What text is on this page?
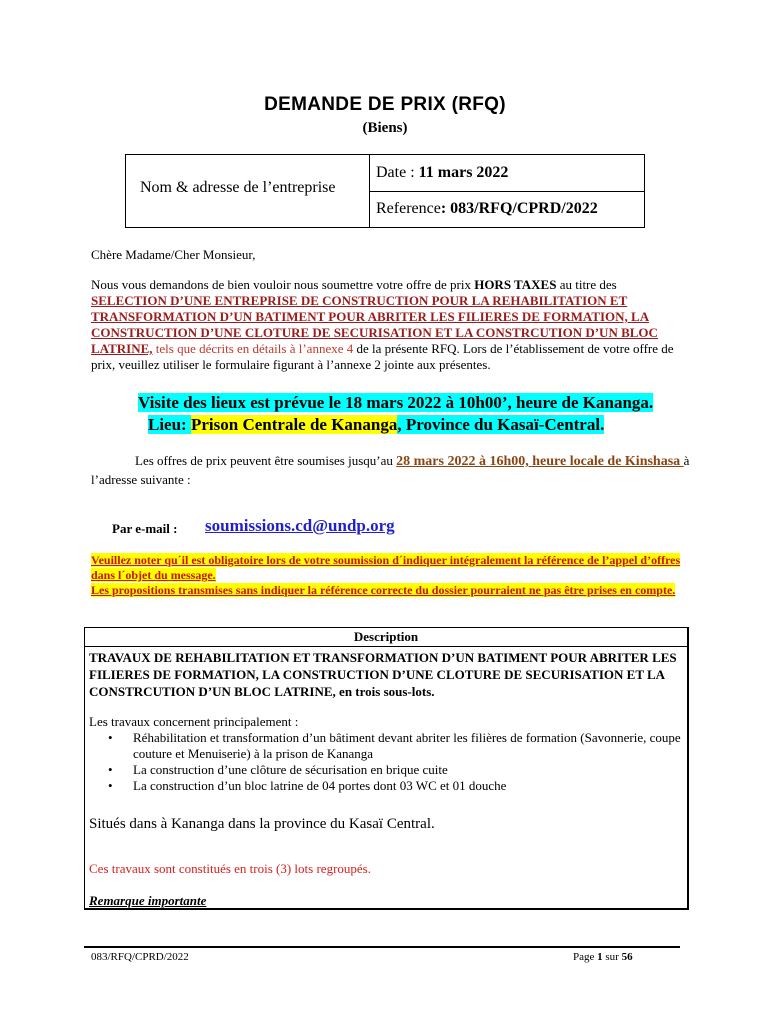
DEMANDE DE PRIX (RFQ)
(Biens)
Nom & adresse de l’entreprise
Date : 11 mars 2022
Reference: 083/RFQ/CPRD/2022
Chère Madame/Cher Monsieur,
Nous vous demandons de bien vouloir nous soumettre votre offre de prix HORS TAXES au titre des SELECTION D’UNE ENTREPRISE DE CONSTRUCTION POUR LA REHABILITATION ET TRANSFORMATION D’UN BATIMENT POUR ABRITER LES FILIERES DE FORMATION, LA CONSTRUCTION D’UNE CLOTURE DE SECURISATION ET LA CONSTRCUTION D’UN BLOC LATRINE, tels que décrits en détails à l’annexe 4 de la présente RFQ. Lors de l’établissement de votre offre de prix, veuillez utiliser le formulaire figurant à l’annexe 2 jointe aux présentes.
Visite des lieux est prévue le 18 mars 2022 à 10h00’, heure de Kananga.
Lieu: Prison Centrale de Kananga, Province du Kasaï-Central.
Les offres de prix peuvent être soumises jusqu’au 28 mars 2022 à 16h00, heure locale de Kinshasa à l’adresse suivante :
Par e-mail : soumissions.cd@undp.org
Veuillez noter qu´il est obligatoire lors de votre soumission d´indiquer intégralement la référence de l’appel d’offres dans l´objet du message.
Les propositions transmises sans indiquer la référence correcte du dossier pourraient ne pas être prises en compte.
Description
TRAVAUX DE REHABILITATION ET TRANSFORMATION D’UN BATIMENT POUR ABRITER LES FILIERES DE FORMATION, LA CONSTRUCTION D’UNE CLOTURE DE SECURISATION ET LA CONSTRCUTION D’UN BLOC LATRINE, en trois sous-lots.
Les travaux concernent principalement :
• Réhabilitation et transformation d’un bâtiment devant abriter les filières de formation (Savonnerie, coupe couture et Menuiserie) à la prison de Kananga
• La construction d’une clôture de sécurisation en brique cuite
• La construction d’un bloc latrine de 04 portes dont 03 WC et 01 douche
Situés dans à Kananga dans la province du Kasaï Central.
Ces travaux sont constitués en trois (3) lots regroupés.
Remarque importante
083/RFQ/CPRD/2022	Page 1 sur 56
